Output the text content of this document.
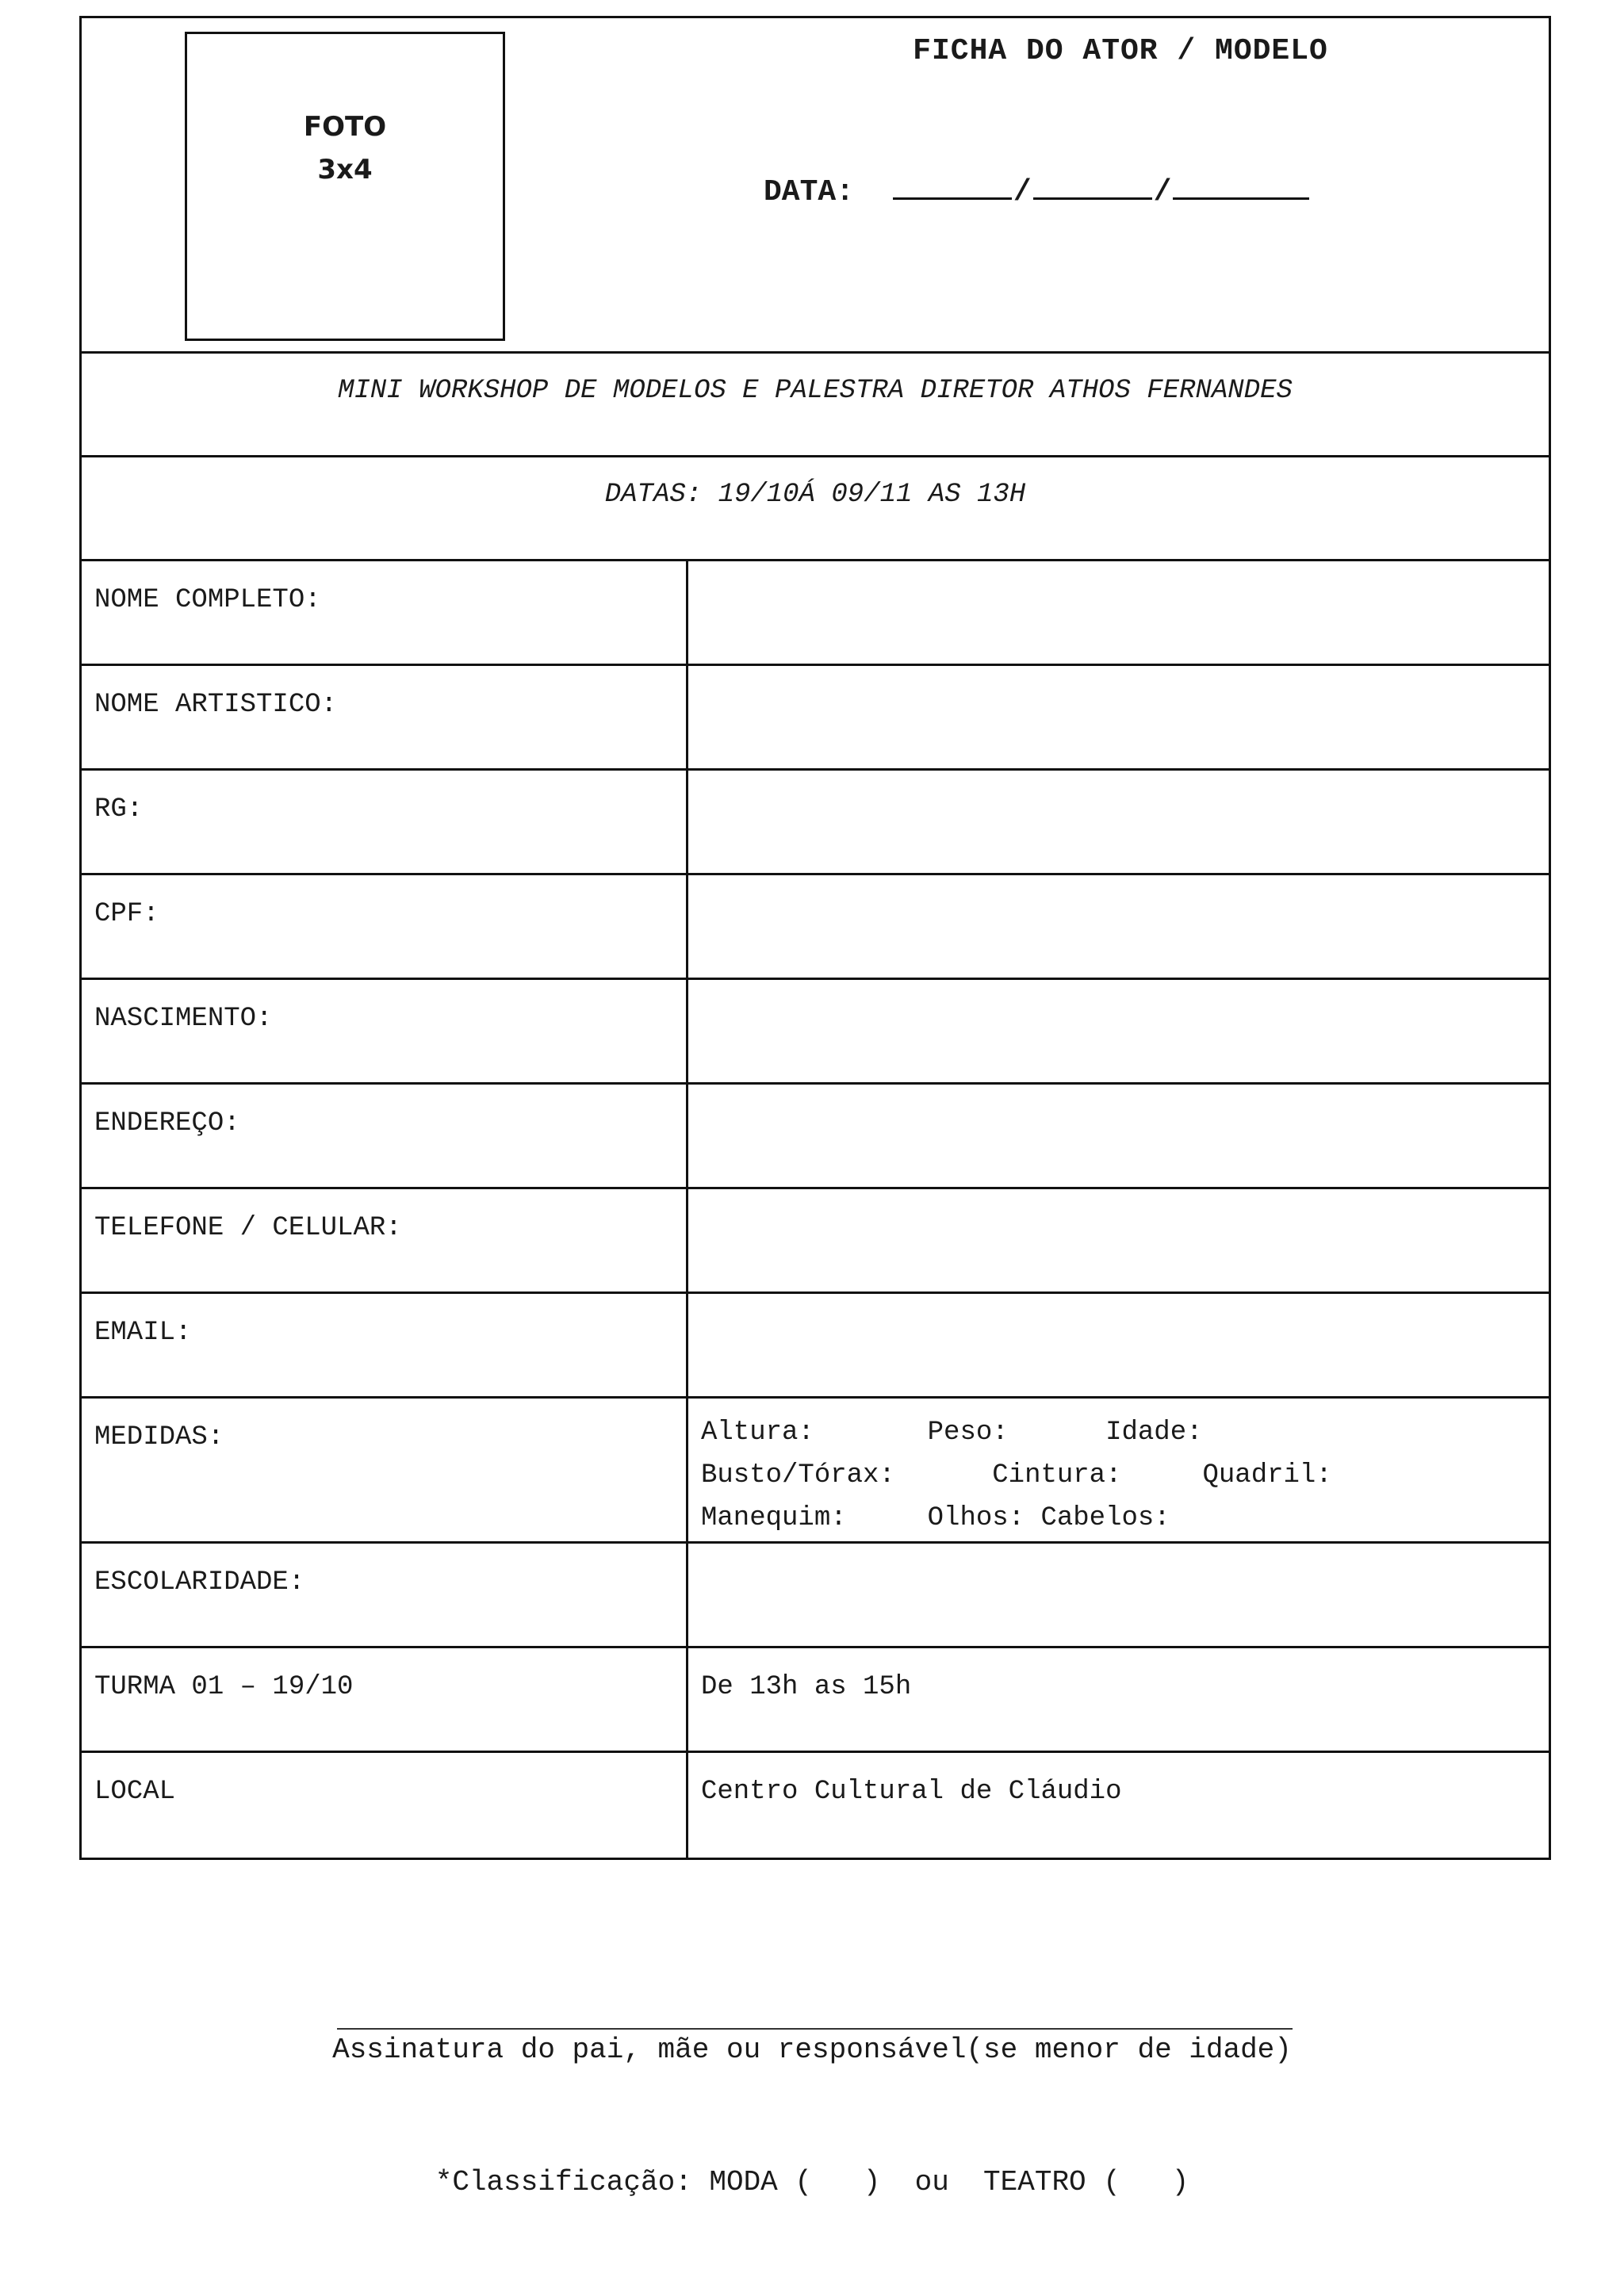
FOTO
3x4
FICHA DO ATOR / MODELO
DATA:	/	/
MINI WORKSHOP DE MODELOS E PALESTRA DIRETOR ATHOS FERNANDES
DATAS: 19/10Á 09/11 AS 13H
NOME COMPLETO:
NOME ARTISTICO:
RG:
CPF:
NASCIMENTO:
ENDEREÇO:
TELEFONE / CELULAR:
EMAIL:
MEDIDAS:	Altura:       Peso:      Idade:
Busto/Tórax:      Cintura:     Quadril:
Manequim:     Olhos: Cabelos:
ESCOLARIDADE:
TURMA 01 – 19/10	De 13h as 15h
LOCAL	Centro Cultural de Cláudio
Assinatura do pai, mãe ou responsável(se menor de idade)
*Classificação: MODA (   )  ou  TEATRO (   )
